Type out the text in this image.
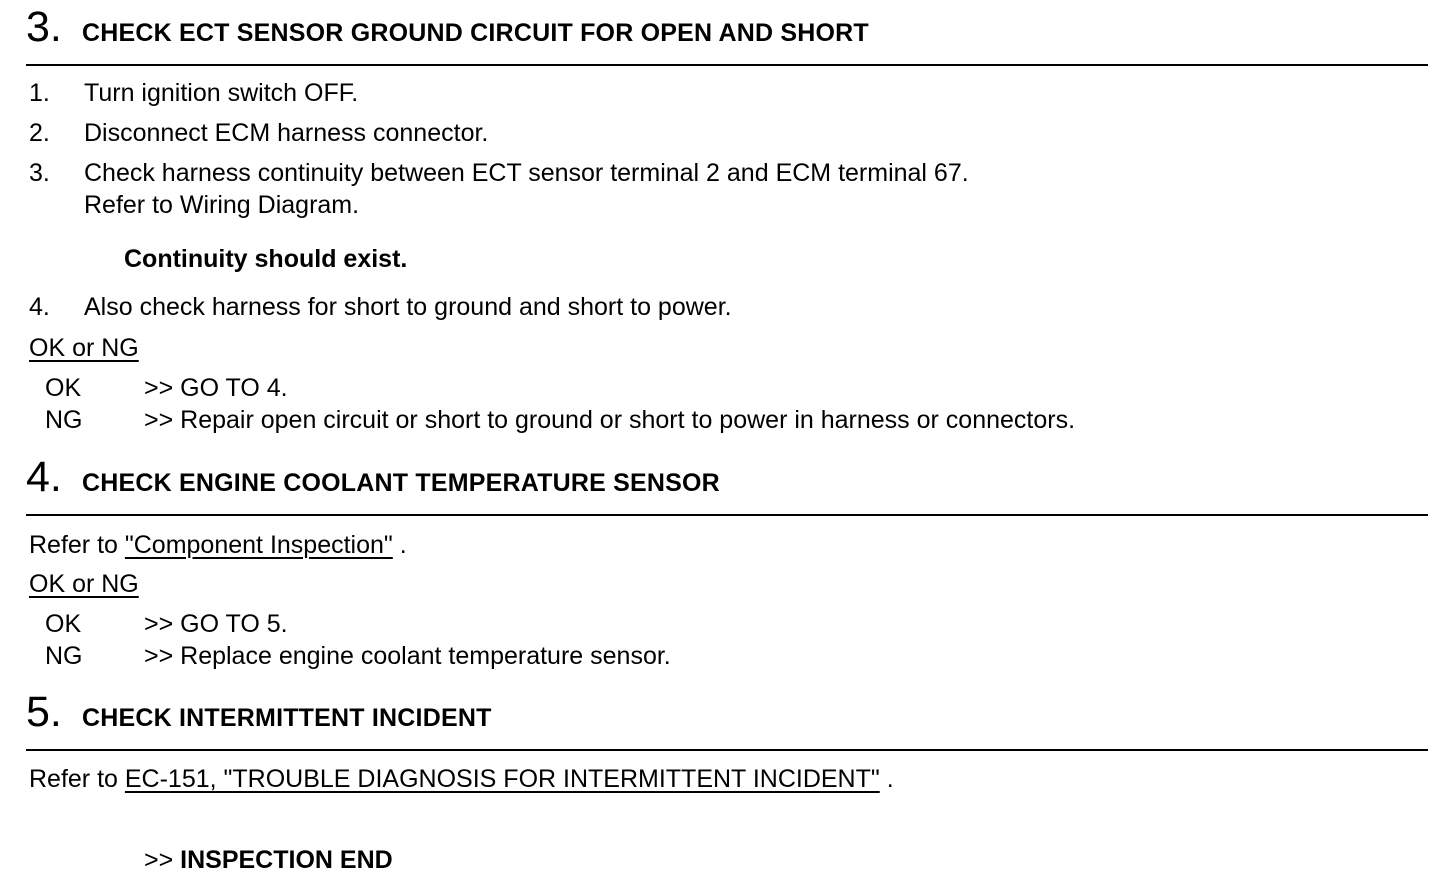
3. CHECK ECT SENSOR GROUND CIRCUIT FOR OPEN AND SHORT
1. Turn ignition switch OFF.
2. Disconnect ECM harness connector.
3. Check harness continuity between ECT sensor terminal 2 and ECM terminal 67.
Refer to Wiring Diagram.
Continuity should exist.
4. Also check harness for short to ground and short to power.
OK or NG
OK	>> GO TO 4.
NG >> Repair open circuit or short to ground or short to power in harness or connectors.
4. CHECK ENGINE COOLANT TEMPERATURE SENSOR
Refer to "Component Inspection" .
OK or NG
OK	>> GO TO 5.
NG >> Replace engine coolant temperature sensor.
5. CHECK INTERMITTENT INCIDENT
Refer to EC-151, "TROUBLE DIAGNOSIS FOR INTERMITTENT INCIDENT" .
>> INSPECTION END
